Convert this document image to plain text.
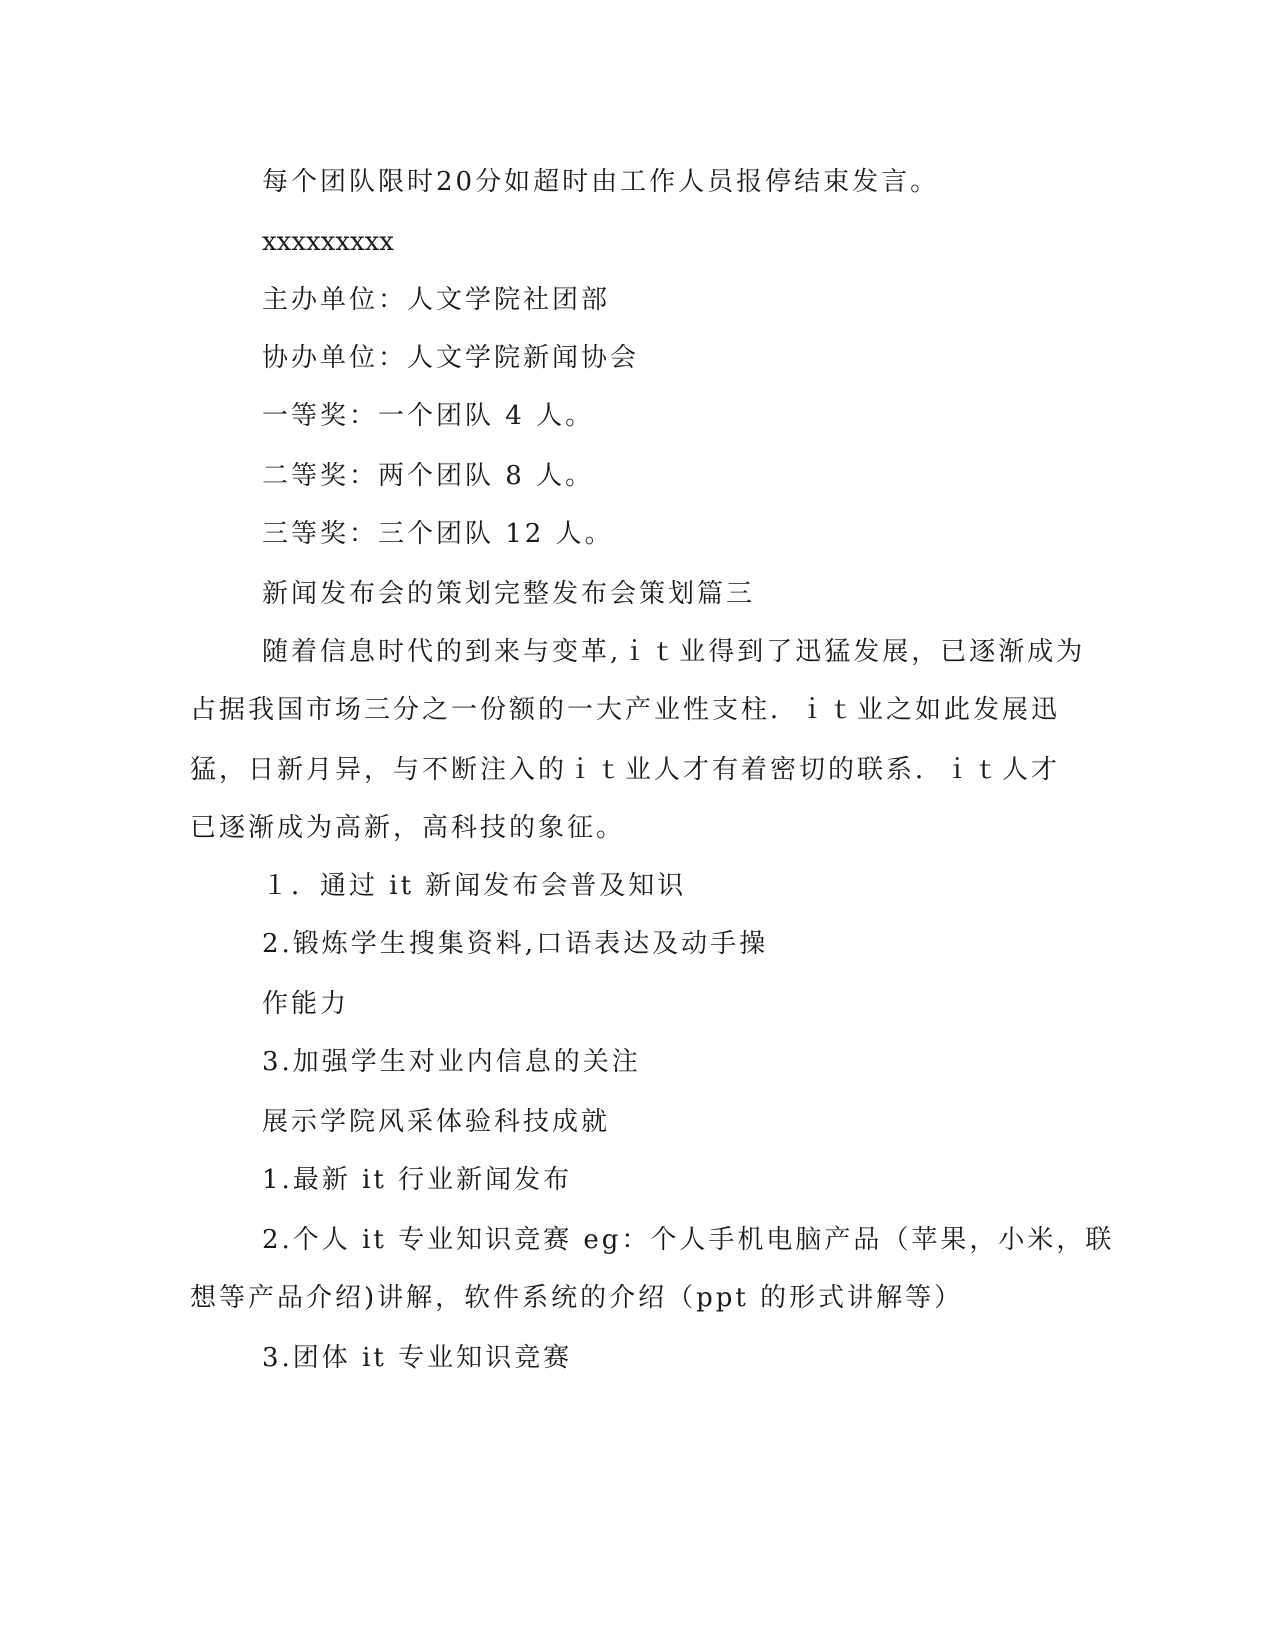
每个团队限时20分如超时由工作人员报停结束发言。
xxxxxxxxx
主办单位：人文学院社团部
协办单位：人文学院新闻协会
一等奖：一个团队 4 人。
二等奖：两个团队 8 人。
三等奖：三个团队 12 人。
新闻发布会的策划完整发布会策划篇三
随着信息时代的到来与变革,ｉｔ业得到了迅猛发展，已逐渐成为
占据我国市场三分之一份额的一大产业性支柱．ｉｔ业之如此发展迅
猛，日新月异，与不断注入的ｉｔ业人才有着密切的联系．ｉｔ人才
已逐渐成为高新，高科技的象征。
１．通过 it 新闻发布会普及知识
2.锻炼学生搜集资料,口语表达及动手操
作能力
3.加强学生对业内信息的关注
展示学院风采体验科技成就
1.最新 it 行业新闻发布
2.个人 it 专业知识竞赛 eg：个人手机电脑产品（苹果，小米，联
想等产品介绍)讲解，软件系统的介绍（ppt 的形式讲解等）
3.团体 it 专业知识竞赛
